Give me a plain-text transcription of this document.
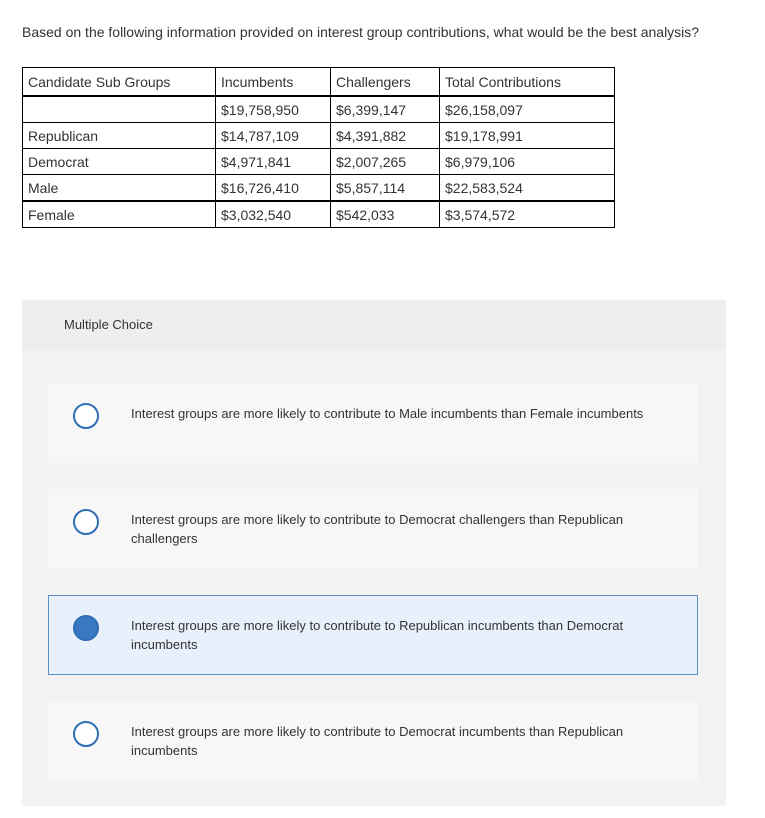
Based on the following information provided on interest group contributions, what would be the best analysis?
Candidate Sub Groups	Incumbents	Challengers	Total Contributions
	$19,758,950	$6,399,147	$26,158,097
Republican	$14,787,109	$4,391,882	$19,178,991
Democrat	$4,971,841	$2,007,265	$6,979,106
Male	$16,726,410	$5,857,114	$22,583,524
Female	$3,032,540	$542,033	$3,574,572
Multiple Choice
Interest groups are more likely to contribute to Male incumbents than Female incumbents
Interest groups are more likely to contribute to Democrat challengers than Republican challengers
Interest groups are more likely to contribute to Republican incumbents than Democrat incumbents
Interest groups are more likely to contribute to Democrat incumbents than Republican incumbents
